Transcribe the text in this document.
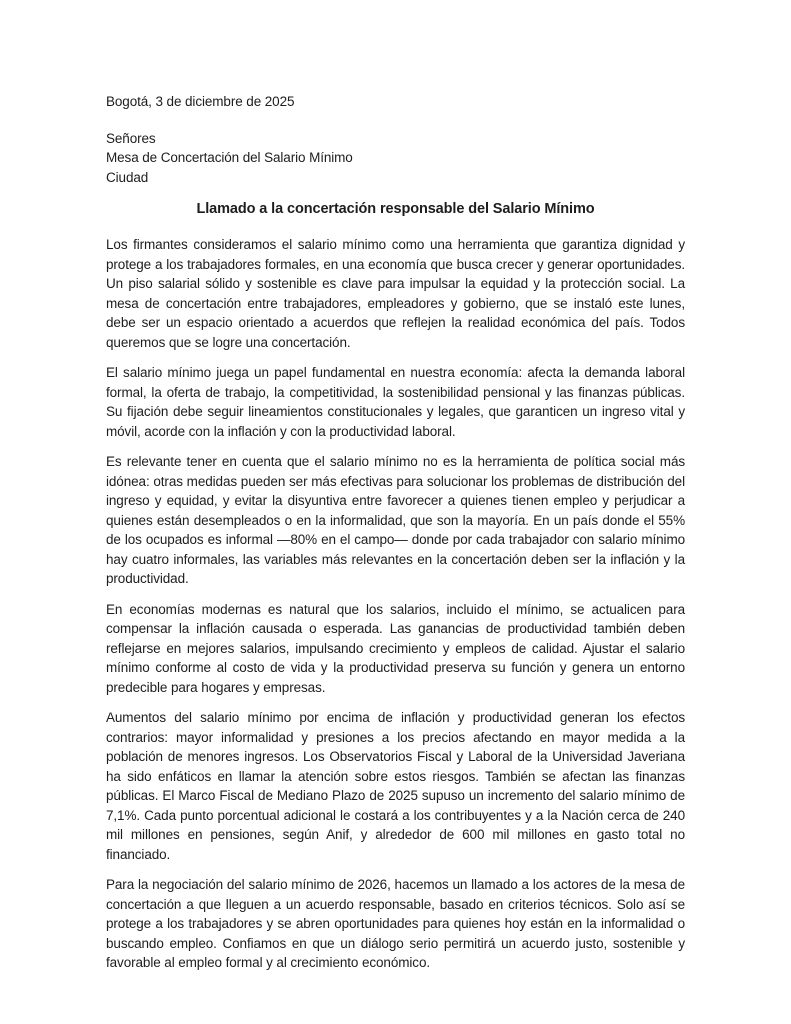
Bogotá, 3 de diciembre de 2025

Señores

Mesa de Concertación del Salario Mínimo

Ciudad

Llamado a la concertación responsable del Salario Mínimo

Los firmantes consideramos el salario mínimo como una herramienta que garantiza dignidad y protege a los trabajadores formales, en una economía que busca crecer y generar oportunidades. Un piso salarial sólido y sostenible es clave para impulsar la equidad y la protección social. La mesa de concertación entre trabajadores, empleadores y gobierno, que se instaló este lunes, debe ser un espacio orientado a acuerdos que reflejen la realidad económica del país. Todos queremos que se logre una concertación.

El salario mínimo juega un papel fundamental en nuestra economía: afecta la demanda laboral formal, la oferta de trabajo, la competitividad, la sostenibilidad pensional y las finanzas públicas. Su fijación debe seguir lineamientos constitucionales y legales, que garanticen un ingreso vital y móvil, acorde con la inflación y con la productividad laboral.

Es relevante tener en cuenta que el salario mínimo no es la herramienta de política social más idónea: otras medidas pueden ser más efectivas para solucionar los problemas de distribución del ingreso y equidad, y evitar la disyuntiva entre favorecer a quienes tienen empleo y perjudicar a quienes están desempleados o en la informalidad, que son la mayoría. En un país donde el 55% de los ocupados es informal —80% en el campo— donde por cada trabajador con salario mínimo hay cuatro informales, las variables más relevantes en la concertación deben ser la inflación y la productividad.

En economías modernas es natural que los salarios, incluido el mínimo, se actualicen para compensar la inflación causada o esperada. Las ganancias de productividad también deben reflejarse en mejores salarios, impulsando crecimiento y empleos de calidad. Ajustar el salario mínimo conforme al costo de vida y la productividad preserva su función y genera un entorno predecible para hogares y empresas.

Aumentos del salario mínimo por encima de inflación y productividad generan los efectos contrarios: mayor informalidad y presiones a los precios afectando en mayor medida a la población de menores ingresos. Los Observatorios Fiscal y Laboral de la Universidad Javeriana ha sido enfáticos en llamar la atención sobre estos riesgos. También se afectan las finanzas públicas. El Marco Fiscal de Mediano Plazo de 2025 supuso un incremento del salario mínimo de 7,1%. Cada punto porcentual adicional le costará a los contribuyentes y a la Nación cerca de 240 mil millones en pensiones, según Anif, y alrededor de 600 mil millones en gasto total no financiado.

Para la negociación del salario mínimo de 2026, hacemos un llamado a los actores de la mesa de concertación a que lleguen a un acuerdo responsable, basado en criterios técnicos. Solo así se protege a los trabajadores y se abren oportunidades para quienes hoy están en la informalidad o buscando empleo. Confiamos en que un diálogo serio permitirá un acuerdo justo, sostenible y favorable al empleo formal y al crecimiento económico.
